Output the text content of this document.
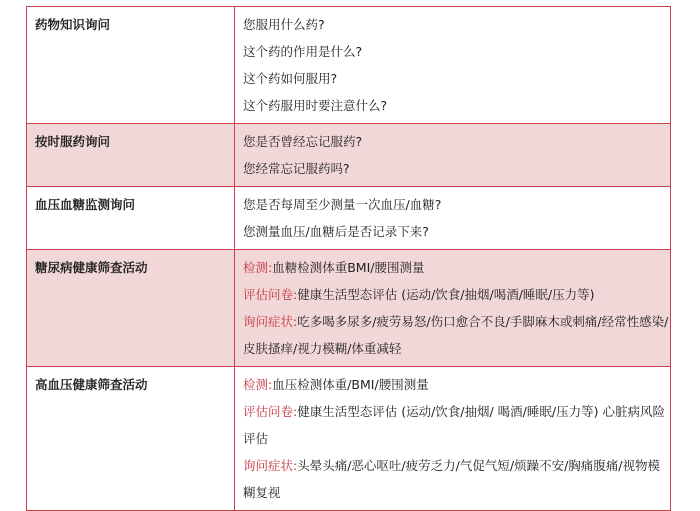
药物知识询问	您服用什么药?
这个药的作用是什么?
这个药如何服用?
这个药服用时要注意什么?

按时服药询问	您是否曾经忘记服药?
您经常忘记服药吗?

血压血糖监测询问	您是否每周至少测量一次血压/血糖?
您测量血压/血糖后是否记录下来?

糖尿病健康筛查活动	检测:血糖检测体重BMI/腰围测量
评估问卷:健康生活型态评估 (运动/饮食/抽烟/喝酒/睡眠/压力等)
询问症状:吃多喝多尿多/疲劳易怒/伤口愈合不良/手脚麻木或刺痛/经常性感染/皮肤搔痒/视力模糊/体重减轻

高血压健康筛查活动	检测:血压检测体重/BMI/腰围测量
评估问卷:健康生活型态评估 (运动/饮食/抽烟/ 喝酒/睡眠/压力等) 心脏病风险评估
询问症状:头晕头痛/恶心呕吐/疲劳乏力/气促气短/烦躁不安/胸痛腹痛/视物模糊复视
